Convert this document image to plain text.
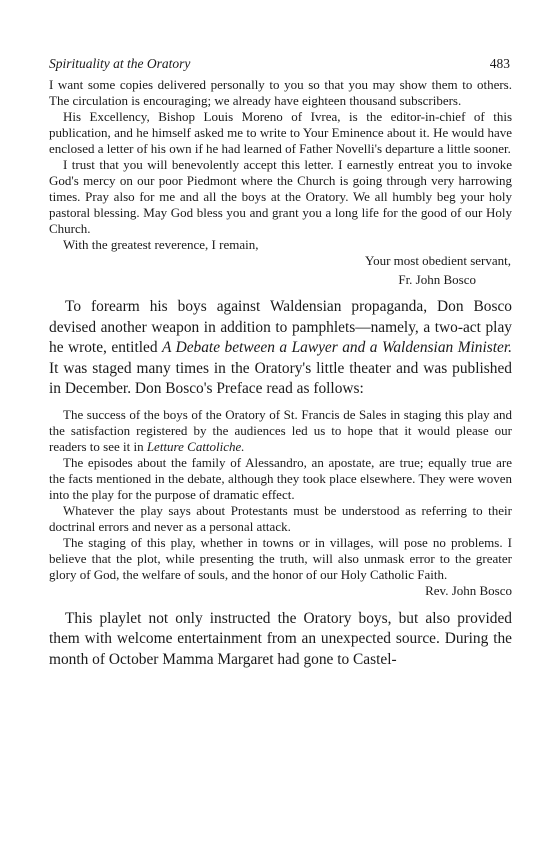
Spirituality at the Oratory	483

I want some copies delivered personally to you so that you may show them to others. The circulation is encouraging; we already have eighteen thousand subscribers.

His Excellency, Bishop Louis Moreno of Ivrea, is the editor-in-chief of this publication, and he himself asked me to write to Your Eminence about it. He would have enclosed a letter of his own if he had learned of Father Novelli's departure a little sooner.

I trust that you will benevolently accept this letter. I earnestly entreat you to invoke God's mercy on our poor Piedmont where the Church is going through very harrowing times. Pray also for me and all the boys at the Oratory. We all humbly beg your holy pastoral blessing. May God bless you and grant you a long life for the good of our Holy Church.

With the greatest reverence, I remain,

Your most obedient servant,

Fr. John Bosco

To forearm his boys against Waldensian propaganda, Don Bosco devised another weapon in addition to pamphlets—namely, a two-act play he wrote, entitled A Debate between a Lawyer and a Waldensian Minister. It was staged many times in the Oratory's little theater and was published in December. Don Bosco's Preface read as follows:

The success of the boys of the Oratory of St. Francis de Sales in staging this play and the satisfaction registered by the audiences led us to hope that it would please our readers to see it in Letture Cattoliche.

The episodes about the family of Alessandro, an apostate, are true; equally true are the facts mentioned in the debate, although they took place elsewhere. They were woven into the play for the purpose of dramatic effect.

Whatever the play says about Protestants must be understood as referring to their doctrinal errors and never as a personal attack.

The staging of this play, whether in towns or in villages, will pose no problems. I believe that the plot, while presenting the truth, will also unmask error to the greater glory of God, the welfare of souls, and the honor of our Holy Catholic Faith.

Rev. John Bosco

This playlet not only instructed the Oratory boys, but also provided them with welcome entertainment from an unexpected source. During the month of October Mamma Margaret had gone to Castel-
